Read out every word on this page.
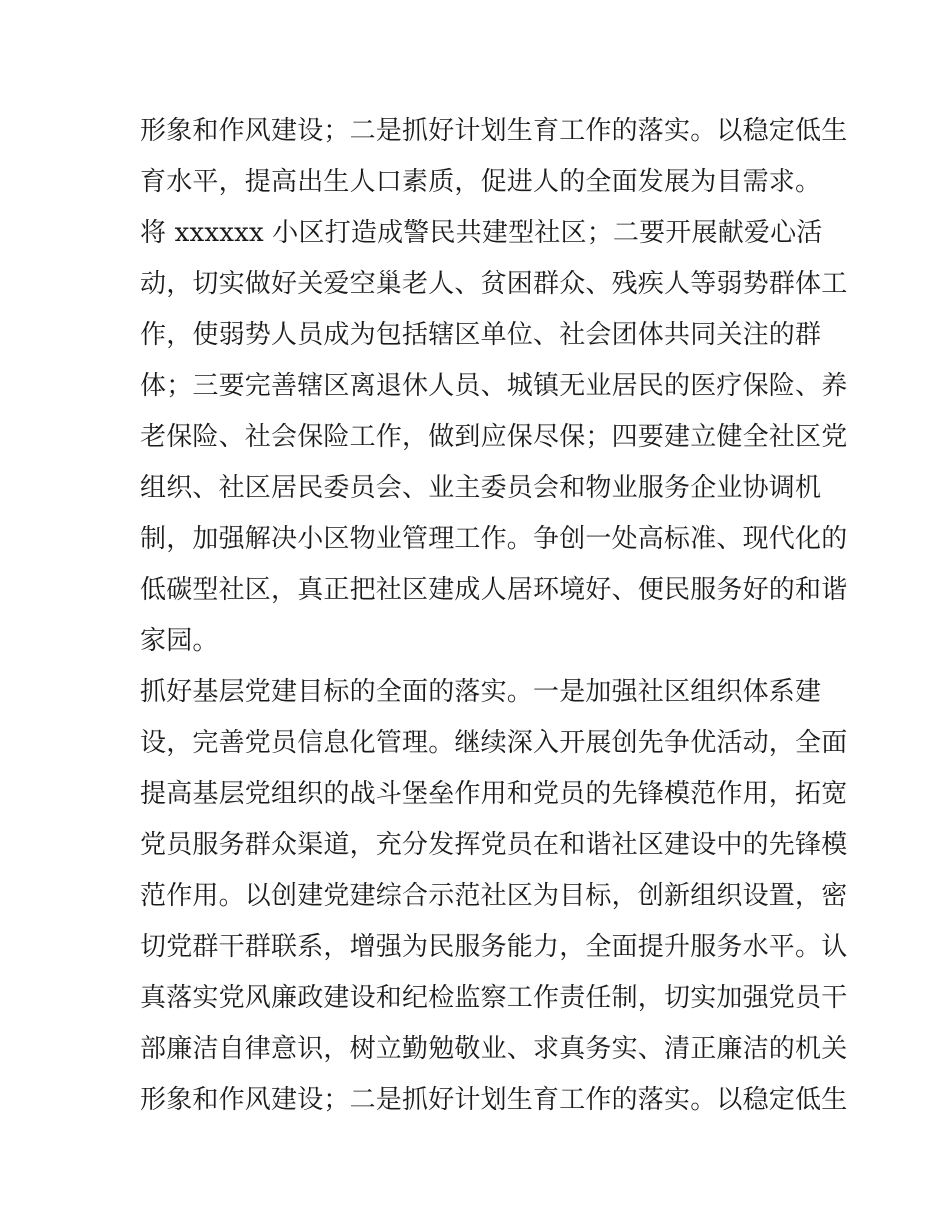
形象和作风建设；二是抓好计划生育工作的落实。以稳定低生
育水平，提高出生人口素质，促进人的全面发展为目需求。
将 xxxxxx 小区打造成警民共建型社区；二要开展献爱心活
动，切实做好关爱空巢老人、贫困群众、残疾人等弱势群体工
作，使弱势人员成为包括辖区单位、社会团体共同关注的群
体；三要完善辖区离退休人员、城镇无业居民的医疗保险、养
老保险、社会保险工作，做到应保尽保；四要建立健全社区党
组织、社区居民委员会、业主委员会和物业服务企业协调机
制，加强解决小区物业管理工作。争创一处高标准、现代化的
低碳型社区，真正把社区建成人居环境好、便民服务好的和谐
家园。
抓好基层党建目标的全面的落实。一是加强社区组织体系建
设，完善党员信息化管理。继续深入开展创先争优活动，全面
提高基层党组织的战斗堡垒作用和党员的先锋模范作用，拓宽
党员服务群众渠道，充分发挥党员在和谐社区建设中的先锋模
范作用。以创建党建综合示范社区为目标，创新组织设置，密
切党群干群联系，增强为民服务能力，全面提升服务水平。认
真落实党风廉政建设和纪检监察工作责任制，切实加强党员干
部廉洁自律意识，树立勤勉敬业、求真务实、清正廉洁的机关
形象和作风建设；二是抓好计划生育工作的落实。以稳定低生
